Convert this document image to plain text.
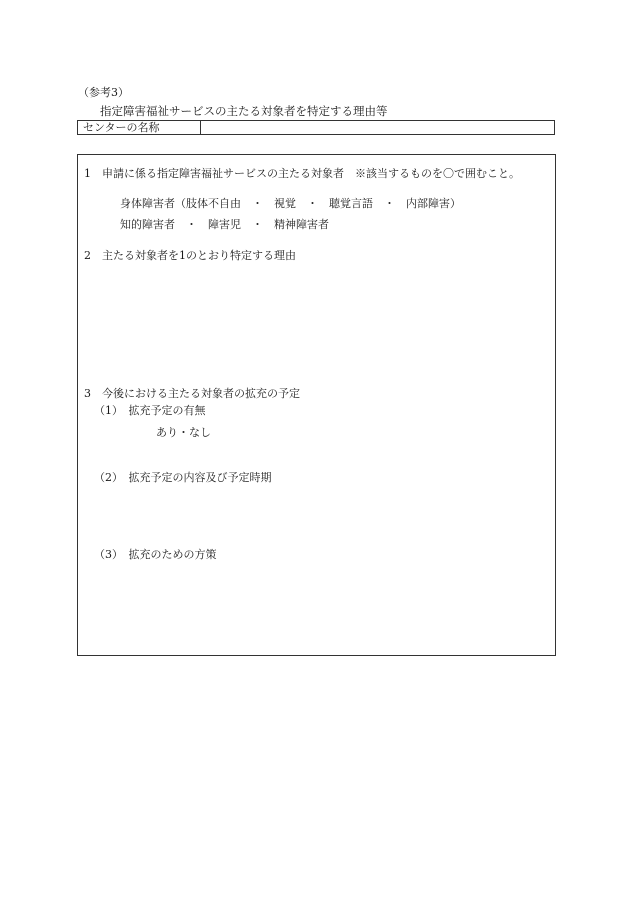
（参考3）
指定障害福祉サービスの主たる対象者を特定する理由等
センターの名称
1　申請に係る指定障害福祉サービスの主たる対象者　※該当するものを〇で囲むこと。
身体障害者（肢体不自由　・　視覚　・　聴覚言語　・　内部障害）
知的障害者　・　障害児　・　精神障害者
2　主たる対象者を1のとおり特定する理由
3　今後における主たる対象者の拡充の予定
（1）　拡充予定の有無
あり・なし
（2）　拡充予定の内容及び予定時期
（3）　拡充のための方策
